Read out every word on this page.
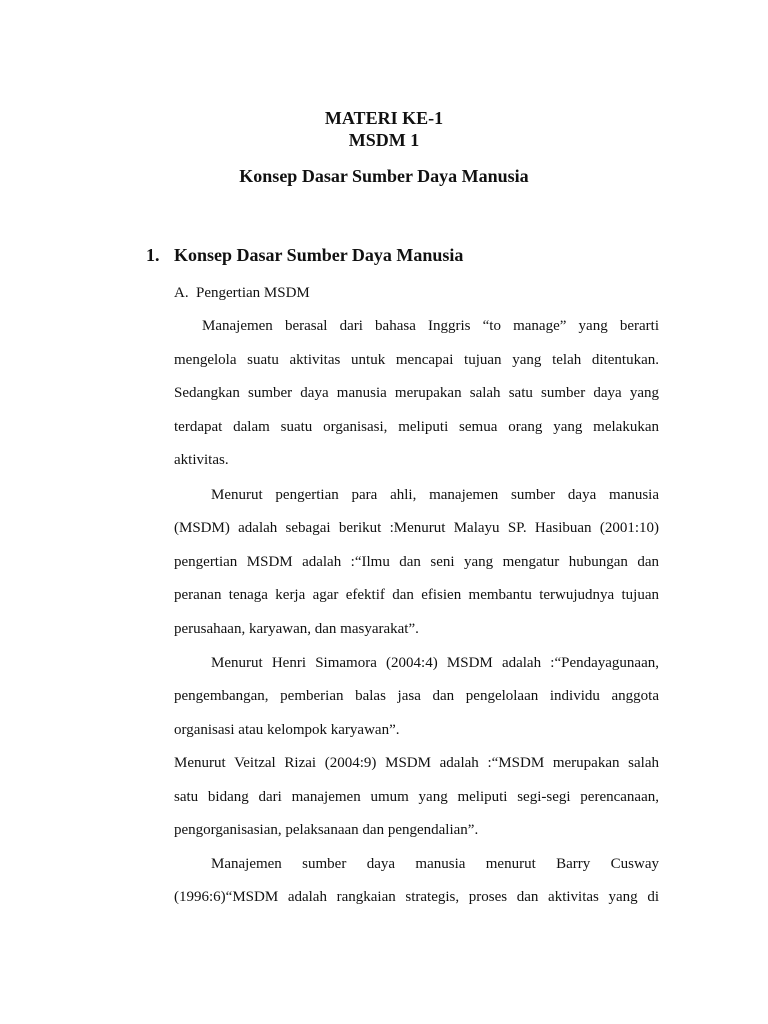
MATERI KE-1
MSDM 1
Konsep Dasar Sumber Daya Manusia
1. Konsep Dasar Sumber Daya Manusia
A. Pengertian MSDM
Manajemen berasal dari bahasa Inggris “to manage” yang berarti
mengelola suatu aktivitas untuk mencapai tujuan yang telah ditentukan.
Sedangkan sumber daya manusia merupakan salah satu sumber daya yang
terdapat dalam suatu organisasi, meliputi semua orang yang melakukan
aktivitas.
Menurut pengertian para ahli, manajemen sumber daya manusia
(MSDM) adalah sebagai berikut :Menurut Malayu SP. Hasibuan (2001:10)
pengertian MSDM adalah :“Ilmu dan seni yang mengatur hubungan dan
peranan tenaga kerja agar efektif dan efisien membantu terwujudnya tujuan
perusahaan, karyawan, dan masyarakat”.
Menurut Henri Simamora (2004:4) MSDM adalah :“Pendayagunaan,
pengembangan, pemberian balas jasa dan pengelolaan individu anggota
organisasi atau kelompok karyawan”.
Menurut Veitzal Rizai (2004:9) MSDM adalah :“MSDM merupakan salah
satu bidang dari manajemen umum yang meliputi segi-segi perencanaan,
pengorganisasian, pelaksanaan dan pengendalian”.
Manajemen sumber daya manusia menurut Barry Cusway
(1996:6)“MSDM adalah rangkaian strategis, proses dan aktivitas yang di
